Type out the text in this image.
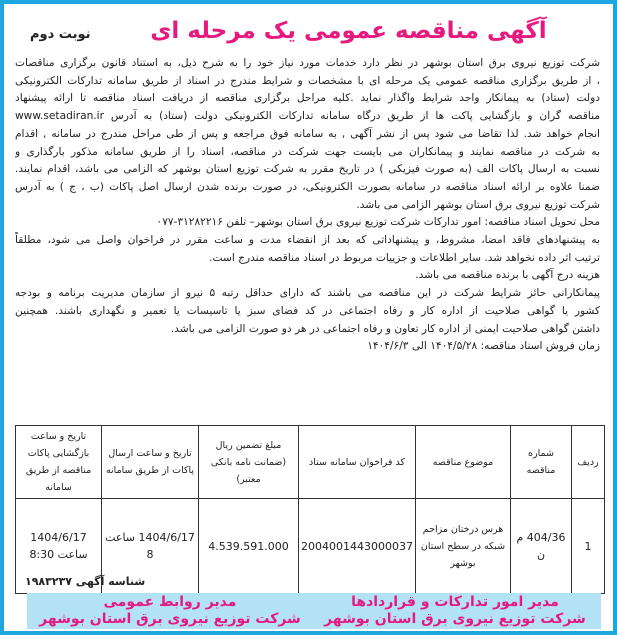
آگهی مناقصه عمومی یک مرحله ای
نوبت دوم
شرکت توزیع نیروی برق استان بوشهر در نظر دارد خدمات مورد نیاز خود را به شرح ذیل، به استناد قانون برگزاری مناقصات
، از طریق برگزاری مناقصه عمومی یک مرحله ای با مشخصات و شرایط مندرج در اسناد از طریق سامانه تدارکات الکترونیکی
دولت (ستاد) به پیمانکار واجد شرایط واگذار نماید .کلیه مراحل برگزاری مناقصه از دریافت اسناد مناقصه تا ارائه پیشنهاد
مناقصه گران و بازگشایی پاکت ها از طریق درگاه سامانه تدارکات الکترونیکی دولت (ستاد) به آدرس www.setadiran.ir
انجام خواهد شد. لذا تقاضا می شود پس از نشر آگهی , به سامانه فوق مراجعه و پس از طی مراحل مندرج در سامانه , اقدام
به شرکت در مناقصه نمایند و پیمانکاران می بایست جهت شرکت در مناقصه، اسناد را از طریق سامانه مذکور بارگذاری و
نسبت به ارسال پاکات الف (به صورت فیزیکی ) در تاریخ مقرر به شرکت توزیع استان بوشهر که الزامی می باشد، اقدام نمایند.
ضمنا علاوه بر ارائه اسناد مناقصه در سامانه بصورت الکترونیکی، در صورت برنده شدن ارسال اصل پاکات (ب ، ج ) به آدرس
شرکت توزیع نیروی برق استان بوشهر الزامی می باشد.
محل تحویل اسناد مناقصه: امور تدارکات شرکت توزیع نیروی برق استان بوشهر– تلفن ۳۱۲۸۲۲۱۶-۰۷۷
به پیشنهادهای فاقد امضا، مشروط، و پیشنهاداتی که بعد از انقضاء مدت و ساعت مقرر در فراخوان واصل می شود، مطلقاً
ترتیب اثر داده نخواهد شد. سایر اطلاعات و جزییات مربوط در اسناد مناقصه مندرج است.
هزینه درج آگهی با برنده مناقصه می باشد.
پیمانکارانی حائز شرایط شرکت در این مناقصه می باشند که دارای حداقل رتبه ۵ نیرو از سازمان مدیریت برنامه و بودجه
کشور یا گواهی صلاحیت از اداره کار و رفاه اجتماعی در کد فضای سبز یا تاسیسات یا تعمیر و نگهداری باشند. همچنین
داشتن گواهی صلاحیت ایمنی از اداره کار تعاون و رفاه اجتماعی در هر دو صورت الزامی می باشد.
زمان فروش اسناد مناقصه: ۱۴۰۴/۵/۲۸ الی ۱۴۰۴/۶/۳
ردیف	شماره مناقصه	موضوع مناقصه	کد فراخوان سامانه ستاد	مبلغ تضمین ریال (ضمانت نامه بانکی معتبر)	تاریخ و ساعت ارسال پاکات از طریق سامانه	تاریخ و ساعت بازگشایی پاکات مناقصه از طریق سامانه
1	404/36 م ن	هرس درختان مزاحم شبکه در سطح استان بوشهر	2004001443000037	4.539.591.000	1404/6/17 ساعت 8	1404/6/17 ساعت 8:30
شناسه آگهی ۱۹۸۳۲۳۷
مدیر امور تدارکات و قراردادها
شرکت توزیع نیروی برق استان بوشهر
مدیر روابط عمومی
شرکت توزیع نیروی برق استان بوشهر
